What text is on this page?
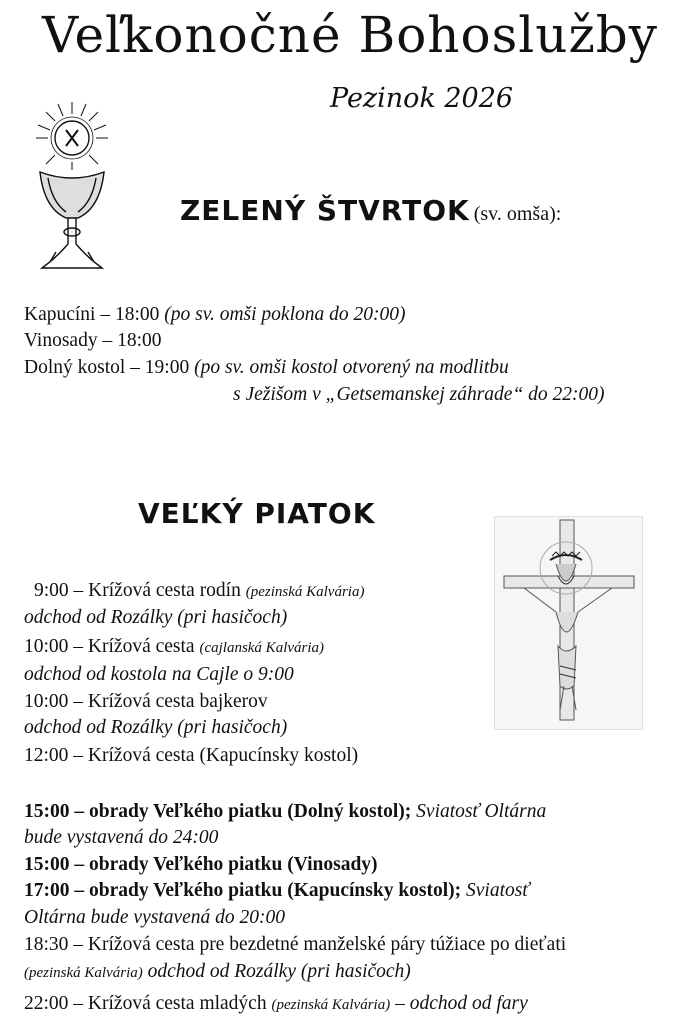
Veľkonočné Bohoslužby
Pezinok 2026
ZELENÝ ŠTVRTOK (sv. omša):
Kapucíni – 18:00 (po sv. omši poklona do 20:00)
Vinosady – 18:00
Dolný kostol – 19:00 (po sv. omši kostol otvorený na modlitbu
s Ježišom v „Getsemanskej záhrade“ do 22:00)
VEĽKÝ PIATOK
9:00 – Krížová cesta rodín (pezinská Kalvária)
odchod od Rozálky (pri hasičoch)
10:00 – Krížová cesta (cajlanská Kalvária)
odchod od kostola na Cajle o 9:00
10:00 – Krížová cesta bajkerov
odchod od Rozálky (pri hasičoch)
12:00 – Krížová cesta (Kapucínsky kostol)
15:00 – obrady Veľkého piatku (Dolný kostol); Sviatosť Oltárna
bude vystavená do 24:00
15:00 – obrady Veľkého piatku (Vinosady)
17:00 – obrady Veľkého piatku (Kapucínsky kostol); Sviatosť
Oltárna bude vystavená do 20:00
18:30 – Krížová cesta pre bezdetné manželské páry túžiace po dieťati
(pezinská Kalvária) odchod od Rozálky (pri hasičoch)
22:00 – Krížová cesta mladých (pezinská Kalvária) – odchod od fary
